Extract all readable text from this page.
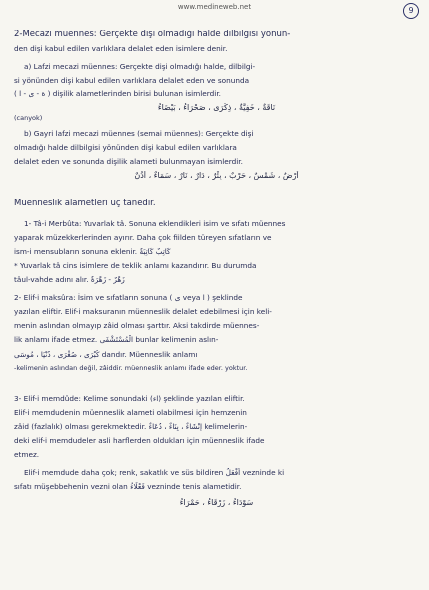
www.medineweb.net	9
2-Mecazi müennes: Gerçekte dişi olmadığı halde dilbilgisi yönün-
den dişi kabul edilen varlıklara delalet eden isimlere denir.
a) Lafzi mecazi müennes: Gerçekte dişi olmadığı halde, dilbilgi-
si yönünden dişi kabul edilen varlıklara delalet eden ve sonunda
( ة - ى - ا ) dişilik alametlerinden birisi bulunan isimlerdir.
نَاقَةٌ ، خَفِيَّةٌ ، ذِكْرَى ، صَحْرَاءُ ، بَيْضَاءُ
(canyok)
b) Gayri lafzi mecazi müennes (semai müennes): Gerçekte dişi
olmadığı halde dilbilgisi yönünden dişi kabul edilen varlıklara
delalet eden ve sonunda dişilik alameti bulunmayan isimlerdir.
أَرْضٌ ، شَمْسٌ ، حَرْبٌ ، بِئْرٌ ، دَارٌ ، نَارٌ ، سَمَاءٌ ، أُذُنٌ
Müenneslik alametleri üç tanedir.
1- Tâ-i Merbûta: Yuvarlak tâ. Sonuna eklendikleri isim ve sıfatı müennes
yaparak müzekkerlerinden ayırır. Daha çok fiilden türeyen sıfatların ve
ism-i mensubların sonuna eklenir. كَاتِبٌ كَاتِبَةٌ
* Yuvarlak tâ cins isimlere de teklik anlamı kazandırır. Bu durumda
tâul-vahde adını alır. زَهْرٌ - زَهْرَةٌ
2- Elif-i maksûra: İsim ve sıfatların sonuna ( ى veya ا ) şeklinde
yazılan eliftir. Elif-i maksuranın müenneslik delalet edebilmesi için keli-
menin aslından olmayıp zâid olması şarttır. Aksi takdirde müennes-
lik anlamı ifade etmez. الْمُسْتَشْفَى bunlar kelimenin aslın-
كُبْرَى ، صُغْرَى ، دُنْيَا ، مُوسَى dandır. Müenneslik anlamı
-kelimenin aslından değil, zâiddir. müenneslik anlamı ifade eder. yoktur.
3- Elif-i memdûde: Kelime sonundaki (اء) şeklinde yazılan eliftir.
Elif-i memdudenin müenneslik alameti olabilmesi için hemzenin
zâid (fazlalık) olması gerekmektedir. إِنْشَاءٌ ، بِنَاءٌ ، دُعَاءٌ kelimelerin-
deki elif-i memdudeler asli harflerden oldukları için müenneslik ifade
etmez.
Elif-i memdude daha çok; renk, sakatlık ve süs bildiren أَفْعَلُ vezninde ki
sıfatı müşebbehenin vezni olan فَعْلَاءُ vezninde tenis alametidir.
سَوْدَاءُ ، زَرْقَاءُ ، حَمْرَاءُ
